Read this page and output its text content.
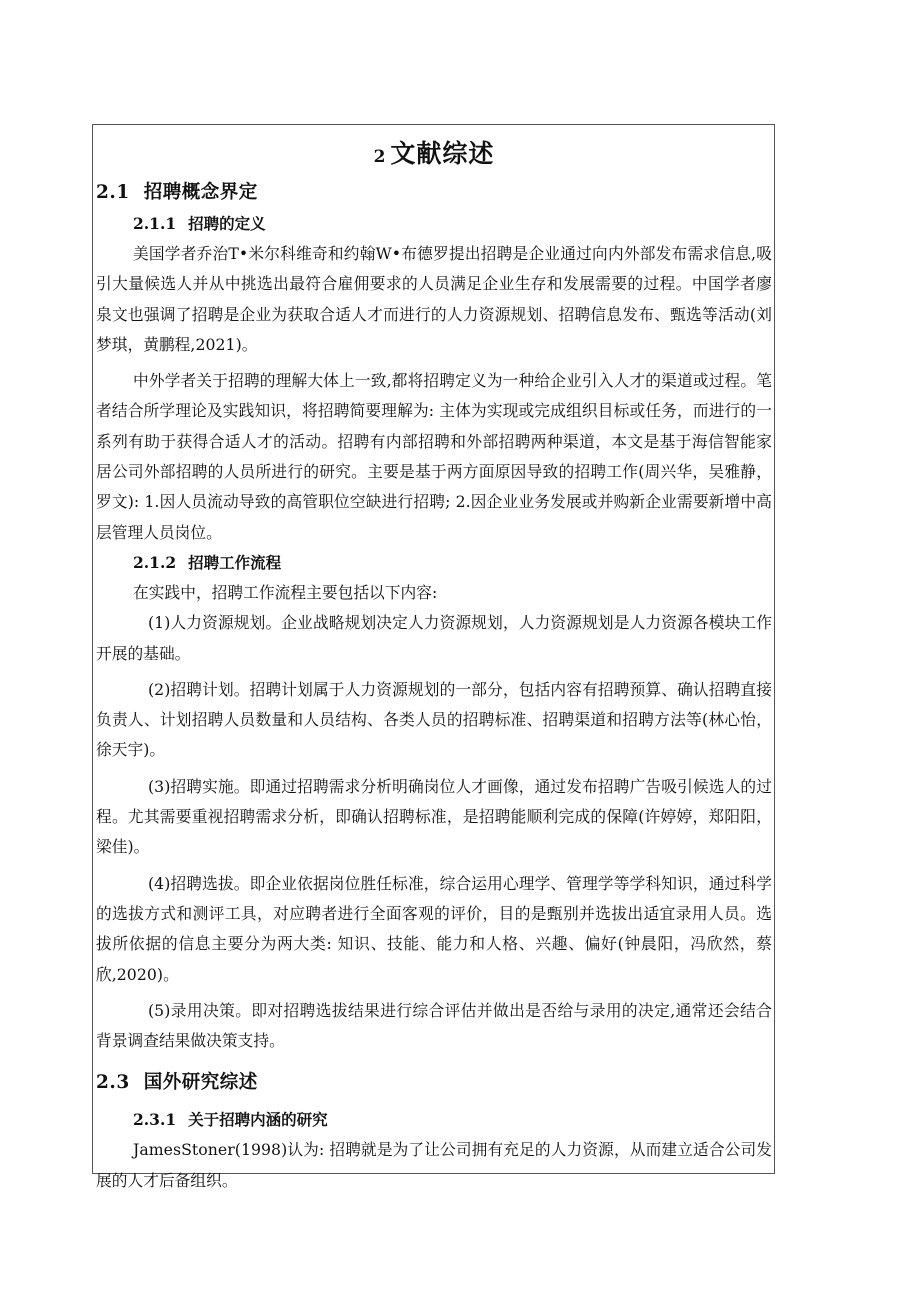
2 文献综述
2.1 招聘概念界定
2.1.1 招聘的定义

美国学者乔治T•米尔科维奇和约翰W•布德罗提出招聘是企业通过向内外部发布需求信息,吸引大量候选人并从中挑选出最符合雇佣要求的人员满足企业生存和发展需要的过程。中国学者廖泉文也强调了招聘是企业为获取合适人才而进行的人力资源规划、招聘信息发布、甄选等活动(刘梦琪，黄鹏程,2021)。

中外学者关于招聘的理解大体上一致,都将招聘定义为一种给企业引入人才的渠道或过程。笔者结合所学理论及实践知识，将招聘简要理解为: 主体为实现或完成组织目标或任务，而进行的一系列有助于获得合适人才的活动。招聘有内部招聘和外部招聘两种渠道，本文是基于海信智能家居公司外部招聘的人员所进行的研究。主要是基于两方面原因导致的招聘工作(周兴华，吴雅静，罗文): 1.因人员流动导致的高管职位空缺进行招聘; 2.因企业业务发展或并购新企业需要新增中高层管理人员岗位。

2.1.2 招聘工作流程

在实践中，招聘工作流程主要包括以下内容:

(1)人力资源规划。企业战略规划决定人力资源规划，人力资源规划是人力资源各模块工作开展的基础。

(2)招聘计划。招聘计划属于人力资源规划的一部分，包括内容有招聘预算、确认招聘直接负责人、计划招聘人员数量和人员结构、各类人员的招聘标准、招聘渠道和招聘方法等(林心怡，徐天宇)。

(3)招聘实施。即通过招聘需求分析明确岗位人才画像，通过发布招聘广告吸引候选人的过程。尤其需要重视招聘需求分析，即确认招聘标准，是招聘能顺利完成的保障(许婷婷，郑阳阳，梁佳)。

(4)招聘选拔。即企业依据岗位胜任标准，综合运用心理学、管理学等学科知识，通过科学的选拔方式和测评工具，对应聘者进行全面客观的评价，目的是甄别并选拔出适宜录用人员。选拔所依据的信息主要分为两大类: 知识、技能、能力和人格、兴趣、偏好(钟晨阳，冯欣然，蔡欣,2020)。

(5)录用决策。即对招聘选拔结果进行综合评估并做出是否给与录用的决定,通常还会结合背景调查结果做决策支持。

2.3 国外研究综述
2.3.1 关于招聘内涵的研究

JamesStoner(1998)认为: 招聘就是为了让公司拥有充足的人力资源，从而建立适合公司发展的人才后备组织。
